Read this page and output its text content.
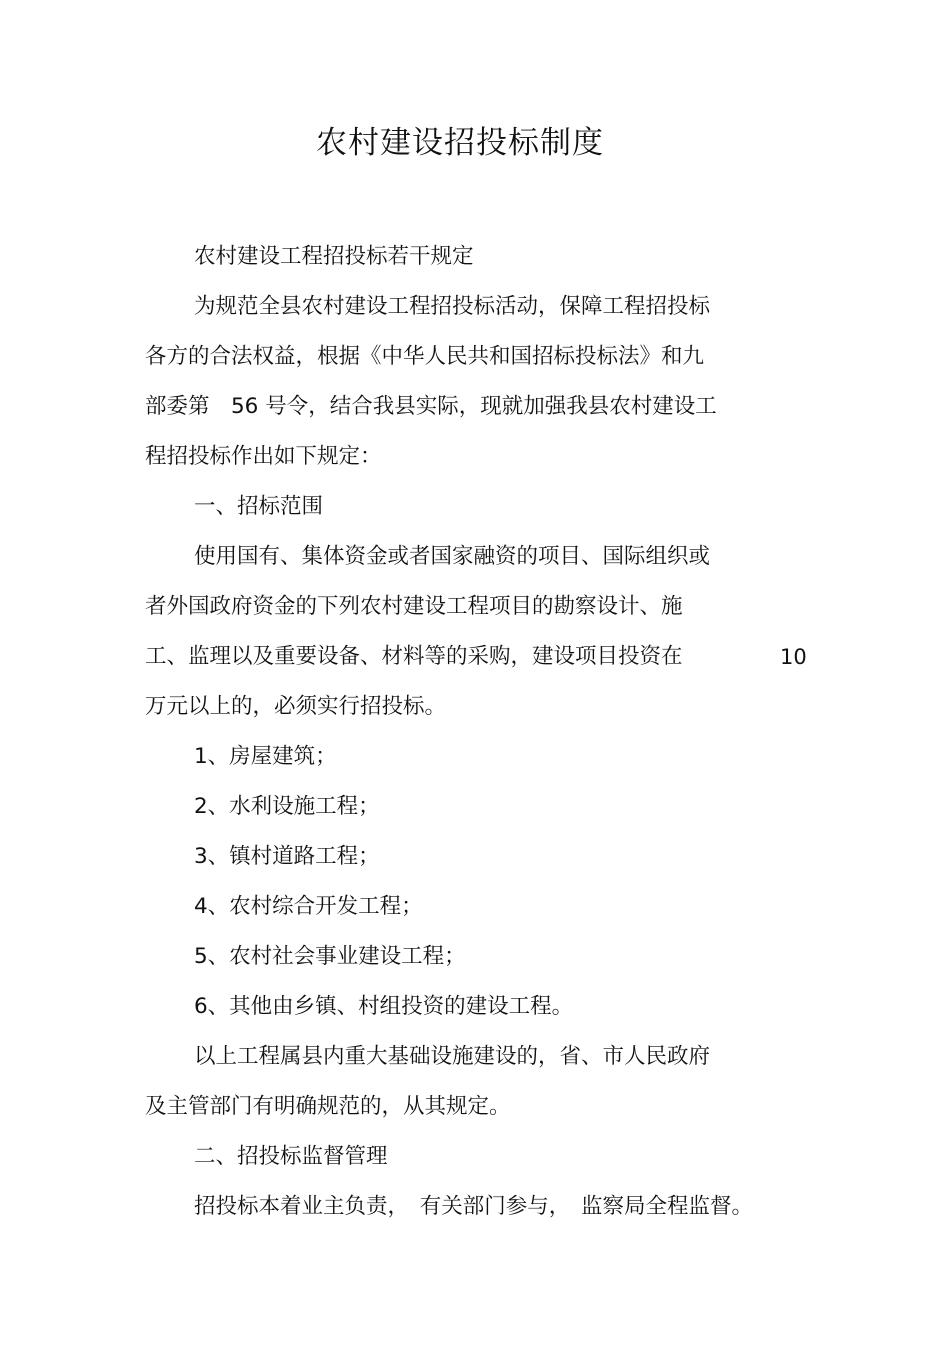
农村建设招投标制度
农村建设工程招投标若干规定
为规范全县农村建设工程招投标活动，保障工程招投标
各方的合法权益，根据《中华人民共和国招标投标法》和九
部委第　56 号令，结合我县实际，现就加强我县农村建设工
程招投标作出如下规定：
一、招标范围
使用国有、集体资金或者国家融资的项目、国际组织或
者外国政府资金的下列农村建设工程项目的勘察设计、施
工、监理以及重要设备、材料等的采购，建设项目投资在	10
万元以上的，必须实行招投标。
1、房屋建筑；
2、水利设施工程；
3、镇村道路工程；
4、农村综合开发工程；
5、农村社会事业建设工程；
6、其他由乡镇、村组投资的建设工程。
以上工程属县内重大基础设施建设的，省、市人民政府
及主管部门有明确规范的，从其规定。
二、招投标监督管理
招投标本着业主负责，　有关部门参与，　监察局全程监督。
